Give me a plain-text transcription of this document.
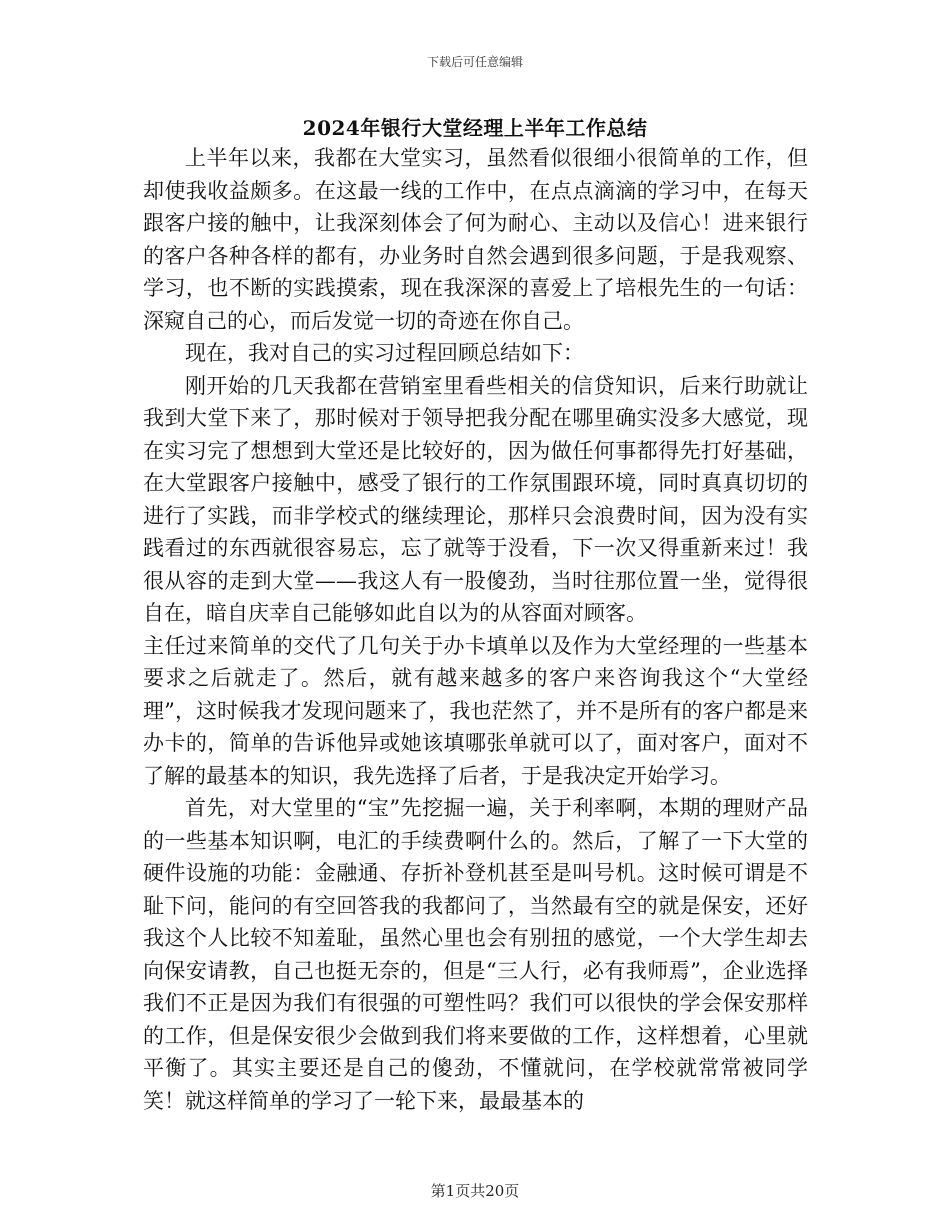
下载后可任意编辑
2024年银行大堂经理上半年工作总结

上半年以来，我都在大堂实习，虽然看似很细小很简单的工作，但却使我收益颇多。在这最一线的工作中，在点点滴滴的学习中，在每天跟客户接的触中，让我深刻体会了何为耐心、主动以及信心！进来银行的客户各种各样的都有，办业务时自然会遇到很多问题，于是我观察、学习，也不断的实践摸索，现在我深深的喜爱上了培根先生的一句话：深窥自己的心，而后发觉一切的奇迹在你自己。

现在，我对自己的实习过程回顾总结如下：

刚开始的几天我都在营销室里看些相关的信贷知识，后来行助就让我到大堂下来了，那时候对于领导把我分配在哪里确实没多大感觉，现在实习完了想想到大堂还是比较好的，因为做任何事都得先打好基础，在大堂跟客户接触中，感受了银行的工作氛围跟环境，同时真真切切的进行了实践，而非学校式的继续理论，那样只会浪费时间，因为没有实践看过的东西就很容易忘，忘了就等于没看，下一次又得重新来过！我很从容的走到大堂——我这人有一股傻劲，当时往那位置一坐，觉得很自在，暗自庆幸自己能够如此自以为的从容面对顾客。

主任过来简单的交代了几句关于办卡填单以及作为大堂经理的一些基本要求之后就走了。然后，就有越来越多的客户来咨询我这个“大堂经理”，这时候我才发现问题来了，我也茫然了，并不是所有的客户都是来办卡的，简单的告诉他异或她该填哪张单就可以了，面对客户，面对不了解的最基本的知识，我先选择了后者，于是我决定开始学习。

首先，对大堂里的“宝”先挖掘一遍，关于利率啊，本期的理财产品的一些基本知识啊，电汇的手续费啊什么的。然后，了解了一下大堂的硬件设施的功能：金融通、存折补登机甚至是叫号机。这时候可谓是不耻下问，能问的有空回答我的我都问了，当然最有空的就是保安，还好我这个人比较不知羞耻，虽然心里也会有别扭的感觉，一个大学生却去向保安请教，自己也挺无奈的，但是“三人行，必有我师焉”，企业选择我们不正是因为我们有很强的可塑性吗？我们可以很快的学会保安那样的工作，但是保安很少会做到我们将来要做的工作，这样想着，心里就平衡了。其实主要还是自己的傻劲，不懂就问，在学校就常常被同学笑！就这样简单的学习了一轮下来，最最基本的

第1页共20页
